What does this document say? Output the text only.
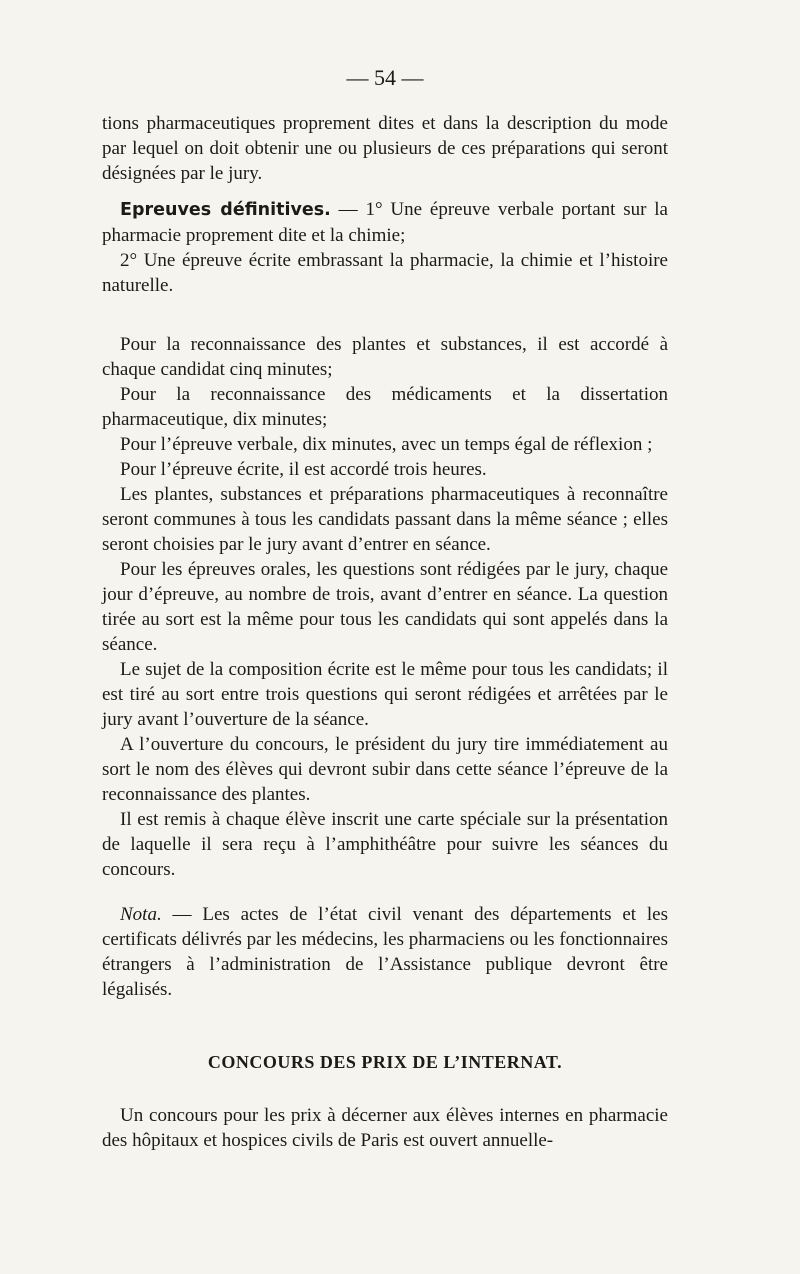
— 54 —

tions pharmaceutiques proprement dites et dans la description du mode par lequel on doit obtenir une ou plusieurs de ces préparations qui seront désignées par le jury.

Epreuves définitives. — 1° Une épreuve verbale portant sur la pharmacie proprement dite et la chimie;

2° Une épreuve écrite embrassant la pharmacie, la chimie et l’histoire naturelle.

Pour la reconnaissance des plantes et substances, il est accordé à chaque candidat cinq minutes;

Pour la reconnaissance des médicaments et la dissertation pharmaceutique, dix minutes;

Pour l’épreuve verbale, dix minutes, avec un temps égal de réflexion ;

Pour l’épreuve écrite, il est accordé trois heures.

Les plantes, substances et préparations pharmaceutiques à reconnaître seront communes à tous les candidats passant dans la même séance ; elles seront choisies par le jury avant d’entrer en séance.

Pour les épreuves orales, les questions sont rédigées par le jury, chaque jour d’épreuve, au nombre de trois, avant d’entrer en séance. La question tirée au sort est la même pour tous les candidats qui sont appelés dans la séance.

Le sujet de la composition écrite est le même pour tous les candidats; il est tiré au sort entre trois questions qui seront rédigées et arrêtées par le jury avant l’ouverture de la séance.

A l’ouverture du concours, le président du jury tire immédiatement au sort le nom des élèves qui devront subir dans cette séance l’épreuve de la reconnaissance des plantes.

Il est remis à chaque élève inscrit une carte spéciale sur la présentation de laquelle il sera reçu à l’amphithéâtre pour suivre les séances du concours.

Nota. — Les actes de l’état civil venant des départements et les certificats délivrés par les médecins, les pharmaciens ou les fonctionnaires étrangers à l’administration de l’Assistance publique devront être légalisés.

CONCOURS DES PRIX DE L’INTERNAT.

Un concours pour les prix à décerner aux élèves internes en pharmacie des hôpitaux et hospices civils de Paris est ouvert annuelle-
